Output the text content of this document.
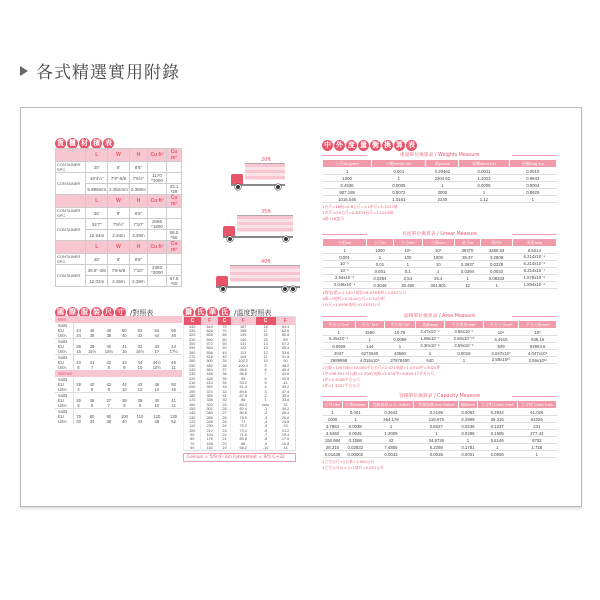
各式精選實用附錄
貨 櫃 材 積 表
	L	W	H	Cu ft³	Cu m³
CONTAINER SPC.	20'	8'	8'6"		
CONTAINER	19'4½"	7'8"-5/8	7'6½"	1170 *1000	
	5.896mm	2.352mm	2.380m		33.1 *28
	L	W	H	Cu ft³	Cu m³
CONTAINER SPC.	35'	8'	8'6"		
CONTAINER	34'7"	7'8½"	7'10"	2066 *1800	
	10.54m	2.34m	2.39m		58.0 *50
	L	W	H	Cu ft³	Cu m³
CONTAINER SPC.	40'	8'	8'6"		
CONTAINER	39.5"-3/8	7'8-5/8	7'10"	2383 *2000	
	12.02m	2.35m	2.38m		67.5 *60
20ft
35ft
40ft
國 際 服 裝 尺 寸 /對照表
Men							
Suits							
EU	44	46	48	50	52	54	56
USA	34	36	38	40	42	44	46
Suits							
EU	38	39	40	41	42	43	44
USA	15	15½	15¾	16	16½	17	17½
Suits							
EU	40	41	42	43	44	44½	45
USA	6	7	8	9	10	10½	11
Women							
Suits							
EU	38	40	42	44	43	48	50
USA	4	6	8	10	12	14	16
Suits							
EU	35	36	37	38	39	40	41
USA	5	6	7	8	9	10	11
Suits							
EU	75	80	90	100	110	120	130
USA	30	34	36	40	44	48	52
攝 氏 華 氏 /溫度對照表
C	F	C	F	C	F
340	644	75	167	18	64.4
330	626	70	158	17	62.6
320	608	65	149	16	60.8
310	590	60	140	15	59
300	572	55	131	14	57.2
290	554	50	122	13	55.4
280	536	45	113	12	53.6
270	518	40	104	11	51.8
260	500	39	102.2	10	50
250	482	38	100.4	9	48.2
240	464	37	98.6	8	46.4
230	446	36	96.8	7	44.6
220	428	35	95	6	42.8
210	410	34	93.2	5	41
200	392	33	91.4	4	39.2
190	374	32	89.6	3	37.4
180	356	31	87.8	2	35.6
170	338	30	86	1	33.8
160	320	29	84.2	zero	32
150	302	28	82.4	-1	30.2
140	284	27	80.6	-2	28.4
130	266	26	78.8	-3	26.6
120	248	25	77	-4	24.8
110	230	24	75.2	-5	23
100	212	23	73.4	-6	21.2
90	194	22	71.6	-7	19.4
80	176	21	69.8	-8	17.6
70	158	20	68	-9	15.8
60	140	19	66.2	-10	14
Celsius = 5/9 (F-32) Fahrenheit = 9/5 C+32
中 外 度 量 衡 換 算 表
重量單位換算表 / Weights Measure
公斤kilogram	公噸metric ton	磅pound	短噸short ton	長噸long ton
1	0.001	2.20462	0.0011	0.0010
1000	1	2204.62	1.1023	0.9842
0.4536	0.0005	1	0.0005	0.0004
907.185	0.9072	2000	1	0.8929
1016.046	1.0161	2240	1.12	1
1台斤=16兩=0.6公斤=1.2市斤=1.3227磅
1市斤=0.5公斤=0.8333台斤=1.1023磅
1磅=16盎司
長度單位換算表 / Linear Measure
公里km	公尺m	公分cm	公厘mm	英寸in	英呎ft	英里mile
1	1000	10⁵	10⁶	39370	3280.83	0.6214
0.001	1	100	1000	39.37	3.2808	6.214x10⁻⁴
10⁻⁵	0.01	1	10	0.3937	0.0328	6.214x10⁻⁶
10⁻⁶	0.001	0.1	1	0.0394	0.0033	6.214x10⁻⁷
2.54x10⁻⁵	0.0254	2.54	25.4	1	0.08333	1.578x10⁻⁵
3.048x10⁻⁴	0.3048	30.480	304.801	12	1	1.894x10⁻⁴
1海里(浬)=1.1507英里=6,076英呎=1,852公尺
1碼=3英呎=0.9144公尺=2.74台呎
1台尺=1.0936英呎=0.3333公尺
面積單位換算表 / Area Measure
平方公尺m²	平方寸in²	平方英尺ft²	英畝acre	平方英里mile²	平方公分cm²	平方公厘mm²
1	1550	10.78	2.47x10⁻⁴	3.86x10⁻⁷	10⁴	10⁶
6.45x10⁻⁴	1	0.0069	1.59x10⁻⁷	2.50x10⁻¹⁰	6.4516	645.16
0.0929	144	1	2.30x10⁻⁵	3.59x10⁻⁸	929	92903.6
4047	6272640	43560	1	0.0016	4.047x10⁷	4.047x10⁹
2589998	4.015x10⁹	27878400	640	1	2.59x10¹⁰	2.59x10¹²
1公畝=100公畝=10,000平方公尺=2.471英畝=1.0310甲=3025坪
1甲=96.99174公畝=2.3967英畝=2.934甲=9,699.17平方公尺
1坪=3.3058平方公尺
1坪=1.3257平方公尺
容積單位換算表 / Capacity Measure
公升Liter	公秉kiloliter	美制加侖 U.S. Gallon	英制加侖 Imp Gallon	桶Barrel	立方呎 Cubic Feet	立方吋 Cubic Inch
1	0.001	0.2642	0.2199	0.0063	0.3932	61.026
1000	1	264.178	219.975	6.2899	35.316	61026
3.7853	0.0038	1	0.8327	0.0238	0.1337	231
4.5460	0.0045	1.2009	1	0.0286	0.1605	277.42
158.984	0.1598	42	34.9726	1	5.6146	9702
28.316	0.02832	7.4805	6.2288	0.1781	1	1.728
0.01639	0.00002	0.0043	0.0036	0.0001	0.0006	1
1立方公尺=1公秉=1,000公升
1立方公分(c.c.)=1毫升=0.001公升
